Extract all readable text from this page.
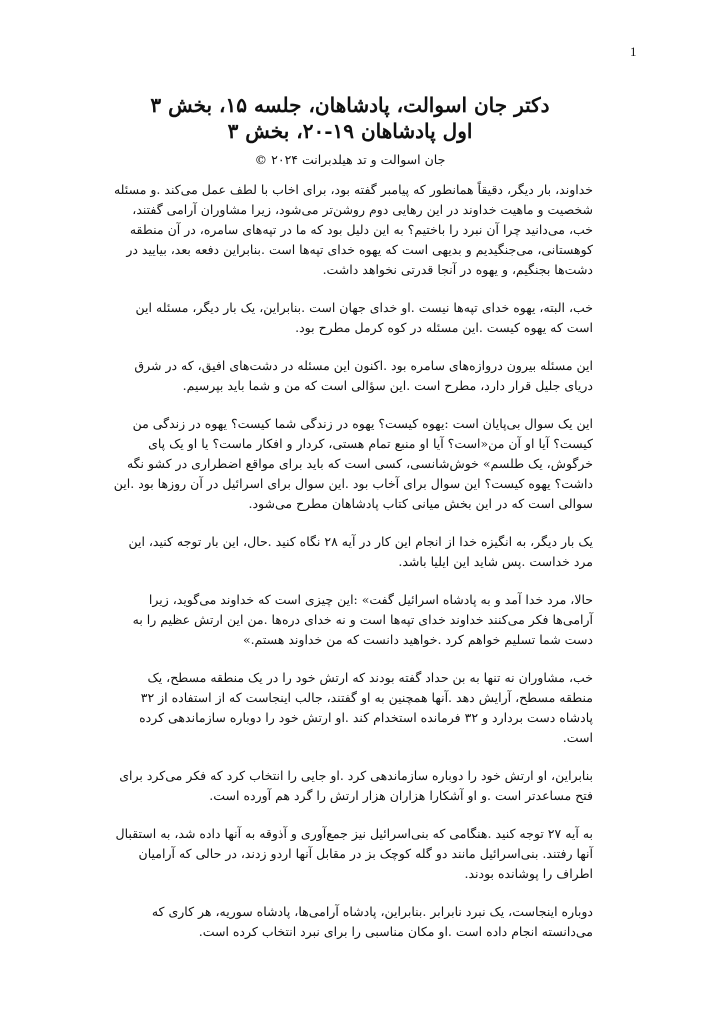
1
دکتر جان اسوالت، پادشاهان، جلسه ۱۵، بخش ۳
اول پادشاهان ۱۹-۲۰، بخش ۳

جان اسوالت و تد هیلدبرانت ۲۰۲۴ ©

خداوند، بار دیگر، دقیقاً همانطور که پیامبر گفته بود، برای اخاب با لطف عمل می‌کند .و مسئله شخصیت و ماهیت خداوند در این رهایی دوم روشن‌تر می‌شود، زیرا مشاوران آرامی گفتند، خب، می‌دانید چرا آن نبرد را باختیم؟ به این دلیل بود که ما در تپه‌های سامره، در آن منطقه کوهستانی، می‌جنگیدیم و بدیهی است که یهوه خدای تپه‌ها است .بنابراین دفعه بعد، بیایید در دشت‌ها بجنگیم، و یهوه در آنجا قدرتی نخواهد داشت.

خب، البته، یهوه خدای تپه‌ها نیست .او خدای جهان است .بنابراین، یک بار دیگر، مسئله این است که یهوه کیست .این مسئله در کوه کرمل مطرح بود.

این مسئله بیرون دروازه‌های سامره بود .اکنون این مسئله در دشت‌های افیق، که در شرق دریای جلیل قرار دارد، مطرح است .این سؤالی است که من و شما باید بپرسیم.

این یک سوال بی‌پایان است :یهوه کیست؟ یهوه در زندگی شما کیست؟ یهوه در زندگی من کیست؟ آیا او آن من«است؟ آیا او منبع تمام هستی، کردار و افکار ماست؟ یا او یک پای خرگوش، یک طلسم» خوش‌شانسی، کسی است که باید برای مواقع اضطراری در کشو نگه داشت؟ یهوه کیست؟ این سوال برای آخاب بود .این سوال برای اسرائیل در آن روزها بود .این سوالی است که در این بخش میانی کتاب پادشاهان مطرح می‌شود.

یک بار دیگر، به انگیزه خدا از انجام این کار در آیه ۲۸ نگاه کنید .حال، این بار توجه کنید، این مرد خداست .پس شاید این ایلیا باشد.

حالا، مرد خدا آمد و به پادشاه اسرائیل گفت» :این چیزی است که خداوند می‌گوید، زیرا آرامی‌ها فکر می‌کنند خداوند خدای تپه‌ها است و نه خدای دره‌ها .من این ارتش عظیم را به دست شما تسلیم خواهم کرد .خواهید دانست که من خداوند هستم.»

خب، مشاوران نه تنها به بن حداد گفته بودند که ارتش خود را در یک منطقه مسطح، یک منطقه مسطح، آرایش دهد .آنها همچنین به او گفتند، جالب اینجاست که از استفاده از ۳۲ پادشاه دست بردارد و ۳۲ فرمانده استخدام کند .او ارتش خود را دوباره سازماندهی کرده است.

بنابراین، او ارتش خود را دوباره سازماندهی کرد .او جایی را انتخاب کرد که فکر می‌کرد برای فتح مساعدتر است .و او آشکارا هزاران هزار ارتش را گرد هم آورده است.

به آیه ۲۷ توجه کنید .هنگامی که بنی‌اسرائیل نیز جمع‌آوری و آذوقه به آنها داده شد، به استقبال آنها رفتند. بنی‌اسرائیل مانند دو گله کوچک بز در مقابل آنها اردو زدند، در حالی که آرامیان اطراف را پوشانده بودند.

دوباره اینجاست، یک نبرد نابرابر .بنابراین، پادشاه آرامی‌ها، پادشاه سوریه، هر کاری که می‌دانسته انجام داده است .او مکان مناسبی را برای نبرد انتخاب کرده است.
